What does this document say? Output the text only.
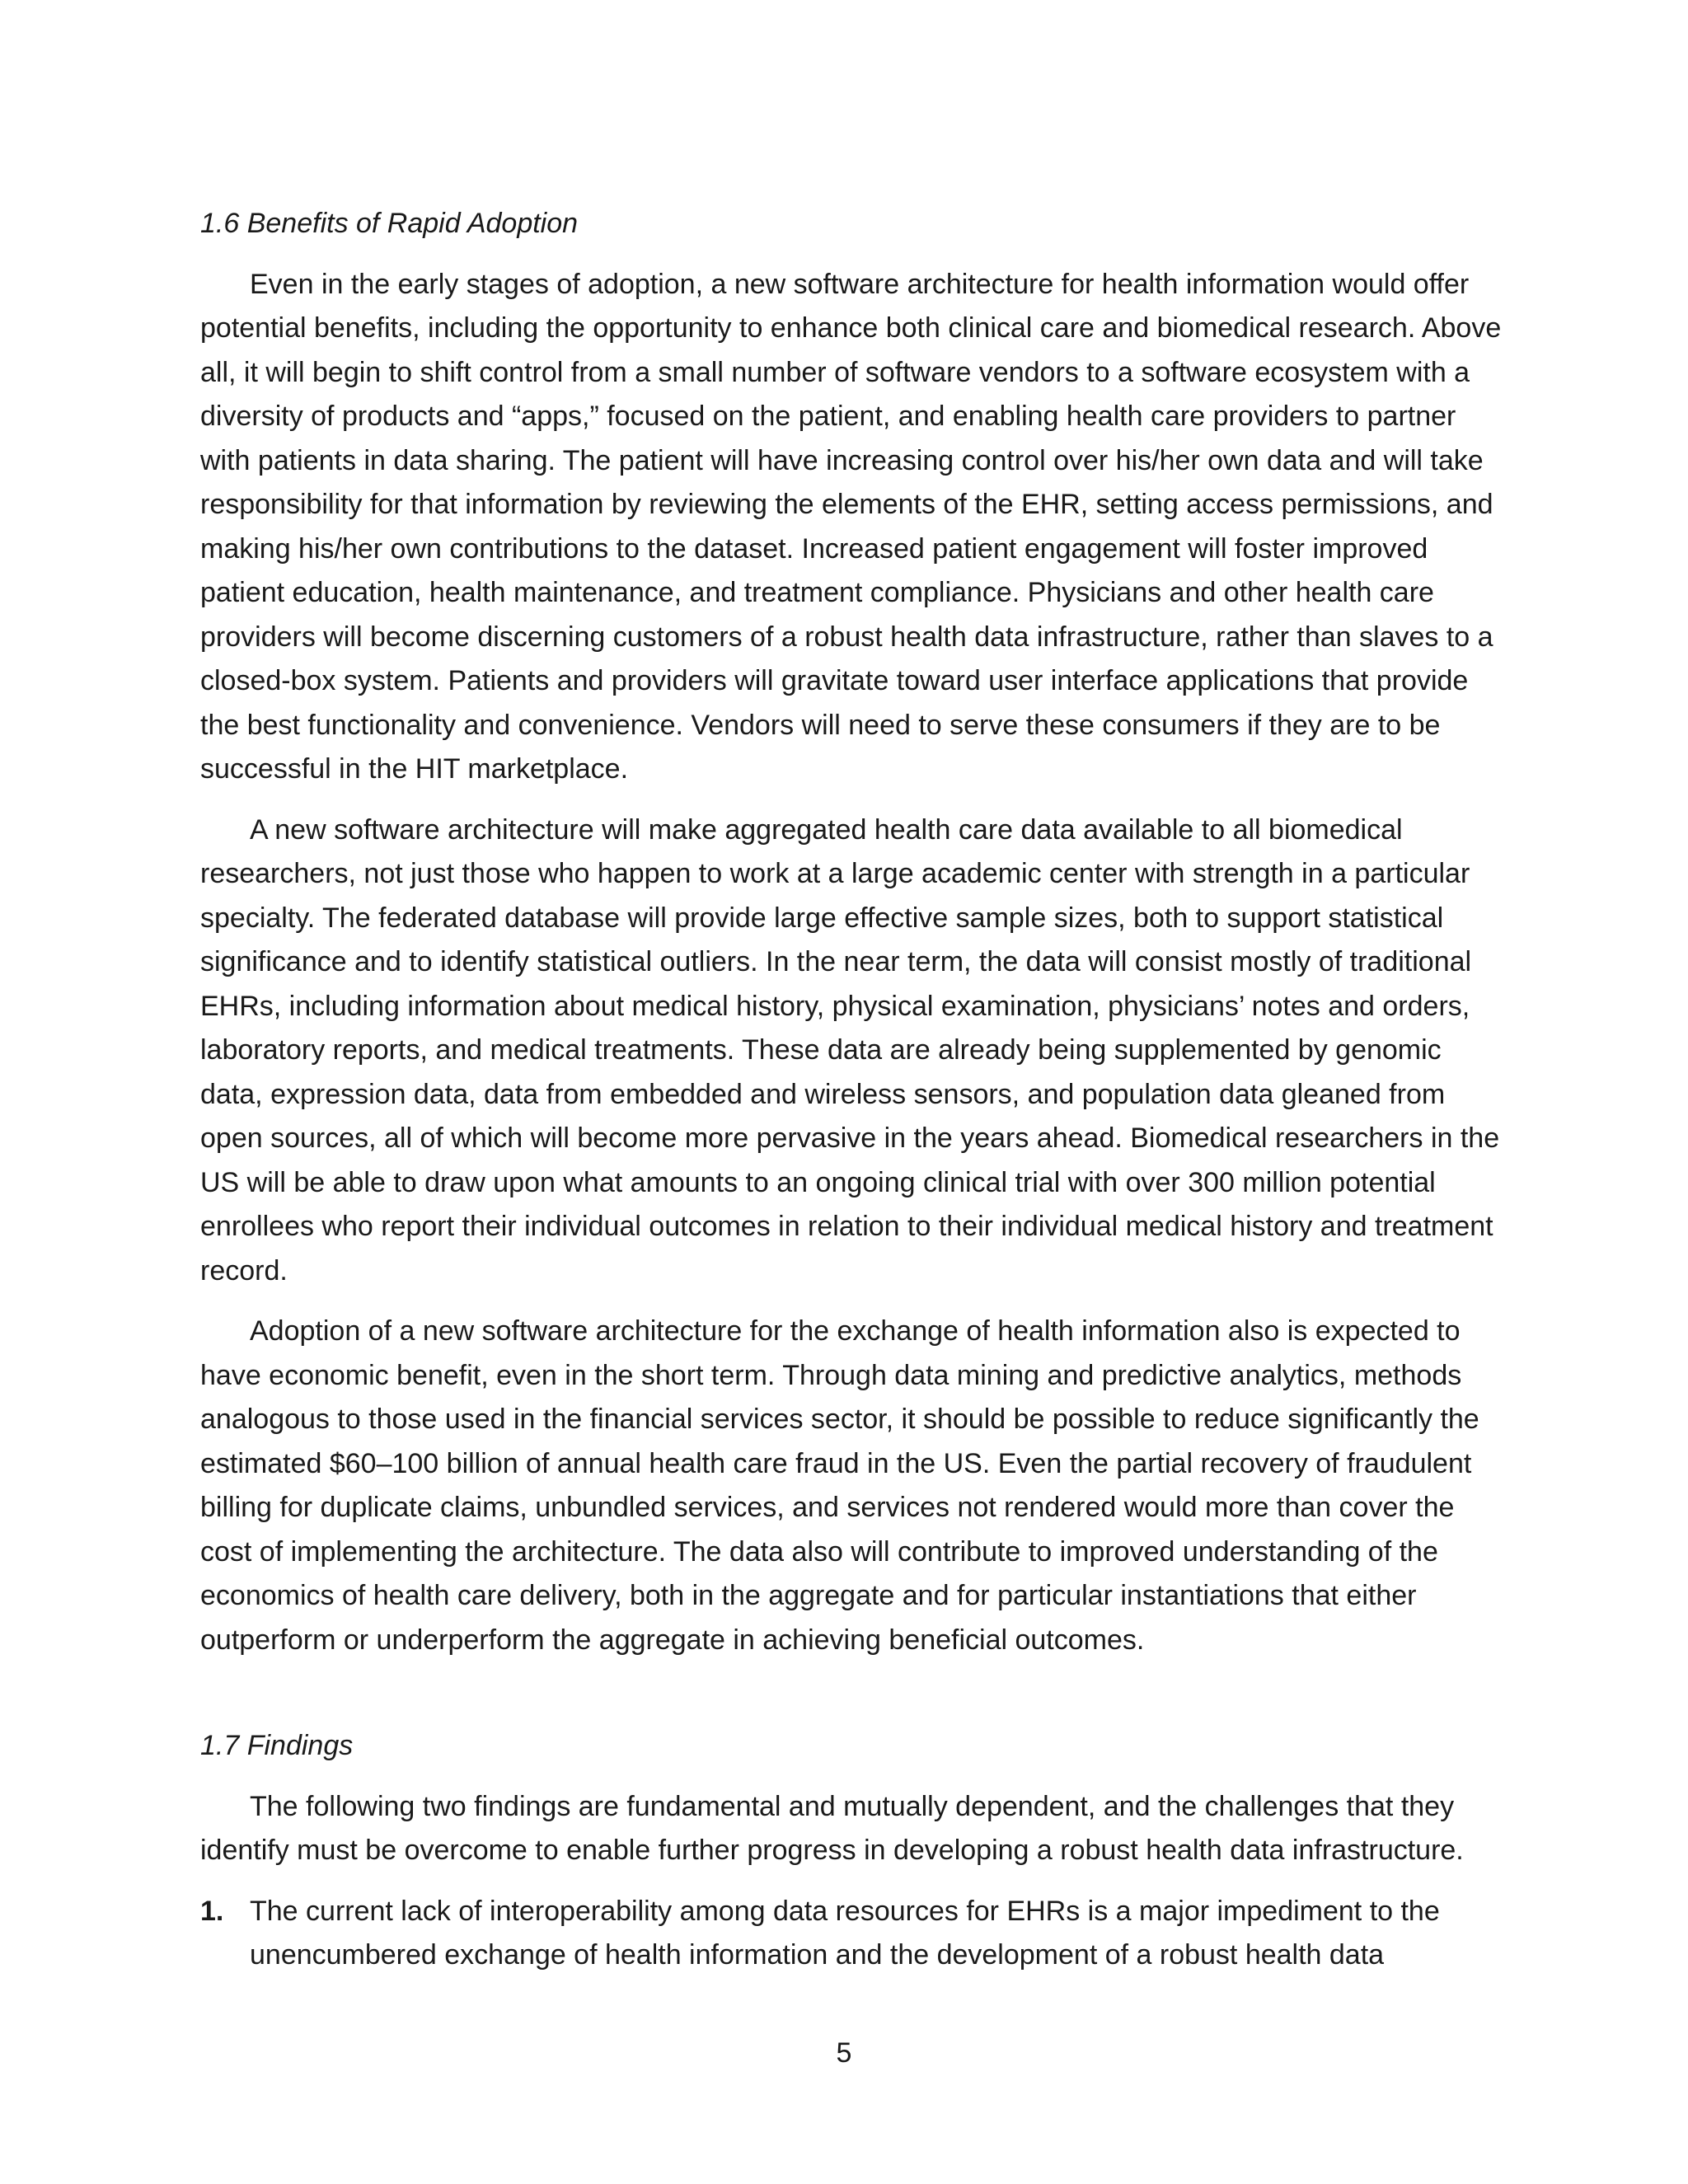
1.6 Benefits of Rapid Adoption

Even in the early stages of adoption, a new software architecture for health information would offer potential benefits, including the opportunity to enhance both clinical care and biomedical research. Above all, it will begin to shift control from a small number of software vendors to a software ecosystem with a diversity of products and “apps,” focused on the patient, and enabling health care providers to partner with patients in data sharing. The patient will have increasing control over his/her own data and will take responsibility for that information by reviewing the elements of the EHR, setting access permissions, and making his/her own contributions to the dataset. Increased patient engagement will foster improved patient education, health maintenance, and treatment compliance. Physicians and other health care providers will become discerning customers of a robust health data infrastructure, rather than slaves to a closed-box system. Patients and providers will gravitate toward user interface applications that provide the best functionality and convenience. Vendors will need to serve these consumers if they are to be successful in the HIT marketplace.

A new software architecture will make aggregated health care data available to all biomedical researchers, not just those who happen to work at a large academic center with strength in a particular specialty. The federated database will provide large effective sample sizes, both to support statistical significance and to identify statistical outliers. In the near term, the data will consist mostly of traditional EHRs, including information about medical history, physical examination, physicians’ notes and orders, laboratory reports, and medical treatments. These data are already being supplemented by genomic data, expression data, data from embedded and wireless sensors, and population data gleaned from open sources, all of which will become more pervasive in the years ahead. Biomedical researchers in the US will be able to draw upon what amounts to an ongoing clinical trial with over 300 million potential enrollees who report their individual outcomes in relation to their individual medical history and treatment record.

Adoption of a new software architecture for the exchange of health information also is expected to have economic benefit, even in the short term. Through data mining and predictive analytics, methods analogous to those used in the financial services sector, it should be possible to reduce significantly the estimated $60–100 billion of annual health care fraud in the US. Even the partial recovery of fraudulent billing for duplicate claims, unbundled services, and services not rendered would more than cover the cost of implementing the architecture. The data also will contribute to improved understanding of the economics of health care delivery, both in the aggregate and for particular instantiations that either outperform or underperform the aggregate in achieving beneficial outcomes.

1.7 Findings

The following two findings are fundamental and mutually dependent, and the challenges that they identify must be overcome to enable further progress in developing a robust health data infrastructure.

1. The current lack of interoperability among data resources for EHRs is a major impediment to the unencumbered exchange of health information and the development of a robust health data
5
